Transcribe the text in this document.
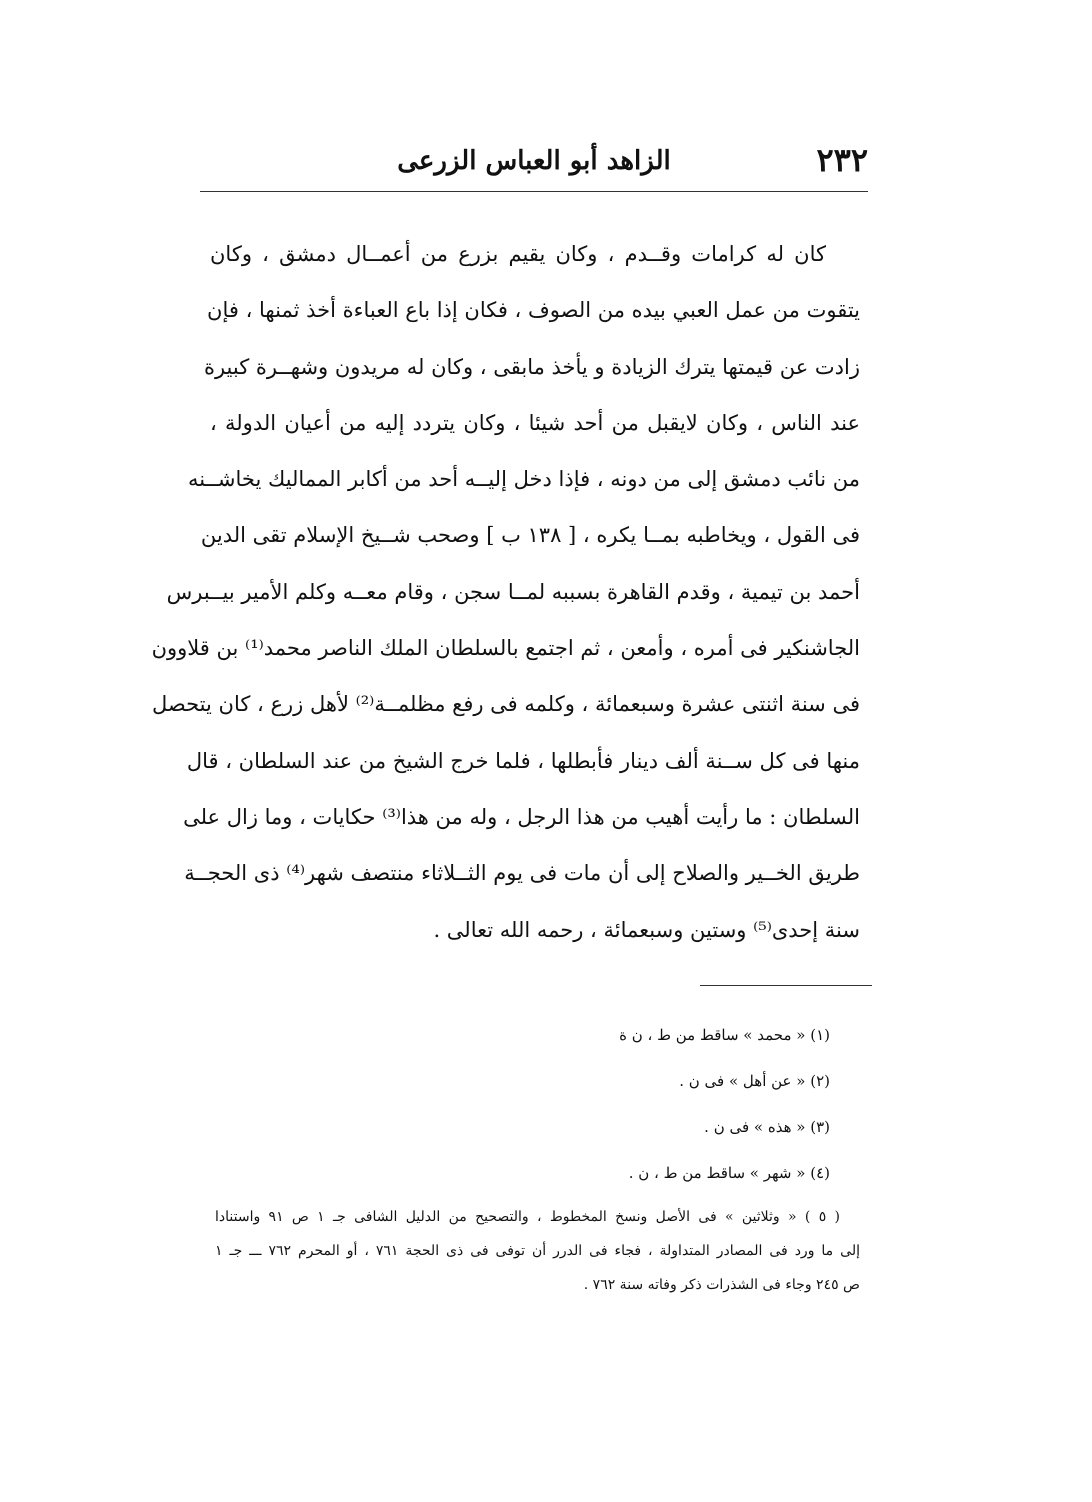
٢٣٢
الزاهد أبو العباس الزرعى
كان له كرامات وقــدم ، وكان يقيم بزرع من أعمــال دمشق ، وكان
يتقوت من عمل العبي بيده من الصوف ، فكان إذا باع العباءة أخذ ثمنها ، فإن
زادت عن قيمتها يترك الزيادة و يأخذ مابقى ، وكان له مريدون وشهــرة كبيرة
عند الناس ، وكان لايقبل من أحد شيئا ، وكان يتردد إليه من أعيان الدولة ،
من نائب دمشق إلى من دونه ، فإذا دخل إليــه أحد من أكابر المماليك يخاشــنه
فى القول ، ويخاطبه بمــا يكره ، [ ١٣٨ ب ] وصحب شــيخ الإسلام تقى الدين
أحمد بن تيمية ، وقدم القاهرة بسببه لمــا سجن ، وقام معــه وكلم الأمير بيــبرس
الجاشنكير فى أمره ، وأمعن ، ثم اجتمع بالسلطان الملك الناصر محمد⁽¹⁾ بن قلاوون
فى سنة اثنتى عشرة وسبعمائة ، وكلمه فى رفع مظلمــة⁽²⁾ لأهل زرع ، كان يتحصل
منها فى كل ســنة ألف دينار فأبطلها ، فلما خرج الشيخ من عند السلطان ، قال
السلطان : ما رأيت أهيب من هذا الرجل ، وله من هذا⁽³⁾ حكايات ، وما زال على
طريق الخــير والصلاح إلى أن مات فى يوم الثــلاثاء منتصف شهر⁽⁴⁾ ذى الحجــة
سنة إحدى⁽⁵⁾ وستين وسبعمائة ، رحمه الله تعالى .
(١) « محمد » ساقط من ط ، ن ة
(٢) « عن أهل » فى ن .
(٣) « هذه » فى ن .
(٤) « شهر » ساقط من ط ، ن .
( ٥ ) « وثلاثين » فى الأصل ونسخ المخطوط ، والتصحيح من الدليل الشافى جـ ١ ص ٩١ واستنادا
إلى ما ورد فى المصادر المتداولة ، فجاء فى الدرر أن توفى فى ذى الحجة ٧٦١ ، أو المحرم ٧٦٢ ـــ جـ ١
ص ٢٤٥ وجاء فى الشذرات ذكر وفاته سنة ٧٦٢ .
